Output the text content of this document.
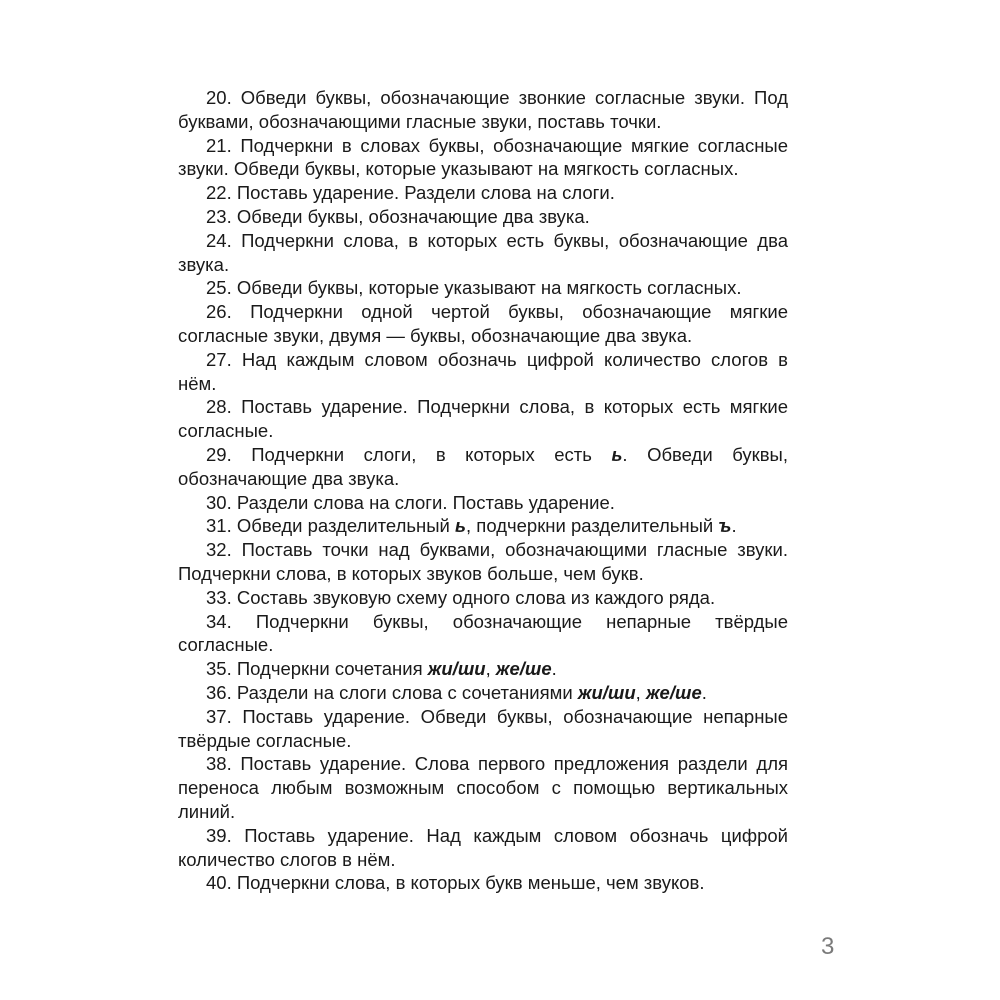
20. Обведи буквы, обозначающие звонкие согласные звуки. Под буквами, обозначающими гласные звуки, поставь точки.

21. Подчеркни в словах буквы, обозначающие мягкие согласные звуки. Обведи буквы, которые указывают на мягкость согласных.

22. Поставь ударение. Раздели слова на слоги.

23. Обведи буквы, обозначающие два звука.

24. Подчеркни слова, в которых есть буквы, обозначающие два звука.

25. Обведи буквы, которые указывают на мягкость согласных.

26. Подчеркни одной чертой буквы, обозначающие мягкие согласные звуки, двумя — буквы, обозначающие два звука.

27. Над каждым словом обозначь цифрой количество слогов в нём.

28. Поставь ударение. Подчеркни слова, в которых есть мягкие согласные.

29. Подчеркни слоги, в которых есть ь. Обведи буквы, обозначающие два звука.

30. Раздели слова на слоги. Поставь ударение.

31. Обведи разделительный ь, подчеркни разделительный ъ.

32. Поставь точки над буквами, обозначающими гласные звуки. Подчеркни слова, в которых звуков больше, чем букв.

33. Составь звуковую схему одного слова из каждого ряда.

34. Подчеркни буквы, обозначающие непарные твёрдые согласные.

35. Подчеркни сочетания жи/ши, же/ше.

36. Раздели на слоги слова с сочетаниями жи/ши, же/ше.

37. Поставь ударение. Обведи буквы, обозначающие непарные твёрдые согласные.

38. Поставь ударение. Слова первого предложения раздели для переноса любым возможным способом с помощью вертикальных линий.

39. Поставь ударение. Над каждым словом обозначь цифрой количество слогов в нём.

40. Подчеркни слова, в которых букв меньше, чем звуков.

3
